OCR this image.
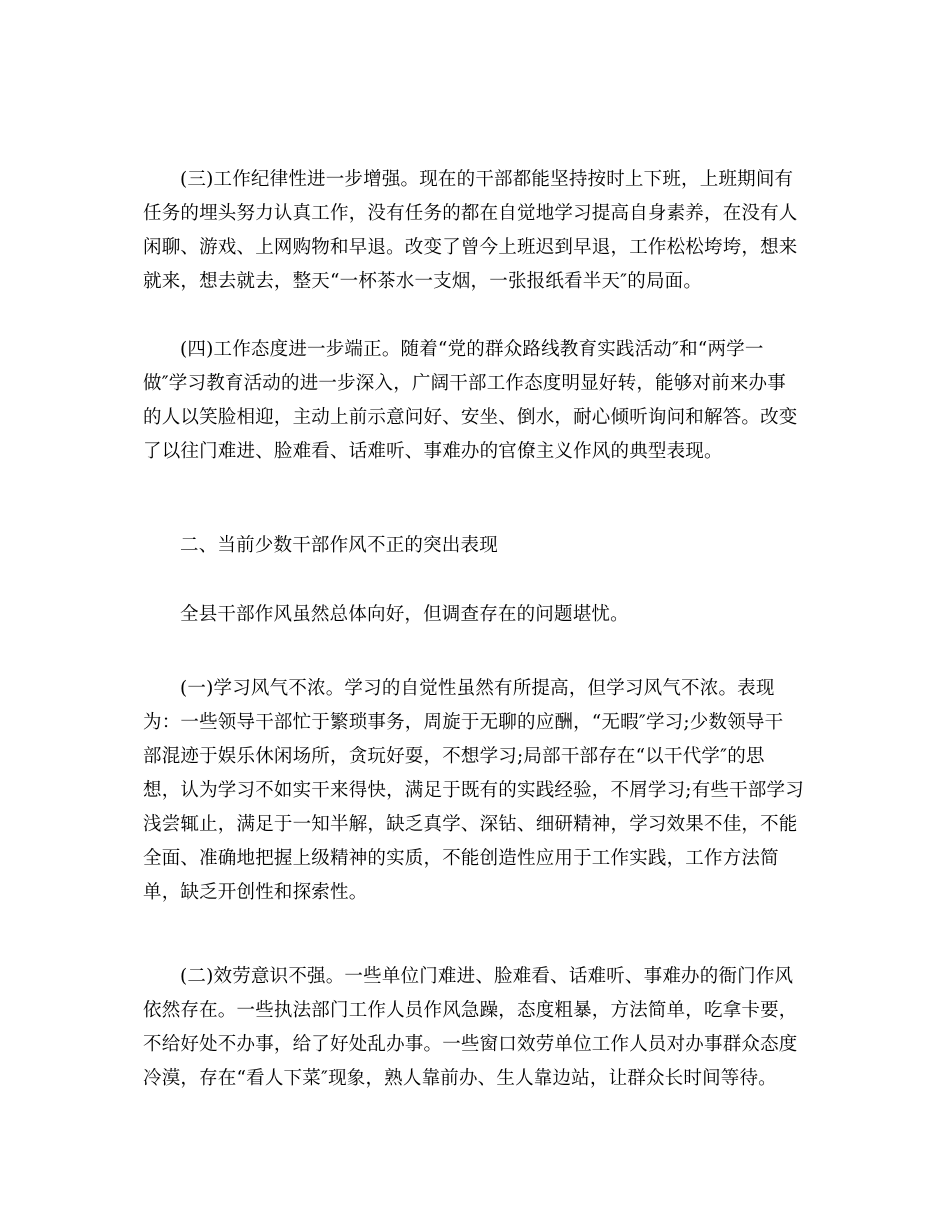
(三)工作纪律性进一步增强。现在的干部都能坚持按时上下班，上班期间有
任务的埋头努力认真工作，没有任务的都在自觉地学习提高自身素养，在没有人
闲聊、游戏、上网购物和早退。改变了曾今上班迟到早退，工作松松垮垮，想来
就来，想去就去，整天“一杯茶水一支烟，一张报纸看半天″的局面。
(四)工作态度进一步端正。随着“党的群众路线教育实践活动″和“两学一
做″学习教育活动的进一步深入，广阔干部工作态度明显好转，能够对前来办事
的人以笑脸相迎，主动上前示意问好、安坐、倒水，耐心倾听询问和解答。改变
了以往门难进、脸难看、话难听、事难办的官僚主义作风的典型表现。
二、当前少数干部作风不正的突出表现
全县干部作风虽然总体向好，但调查存在的问题堪忧。
(一)学习风气不浓。学习的自觉性虽然有所提高，但学习风气不浓。表现
为：一些领导干部忙于繁琐事务，周旋于无聊的应酬，“无暇″学习;少数领导干
部混迹于娱乐休闲场所，贪玩好耍，不想学习;局部干部存在“以干代学″的思
想，认为学习不如实干来得快，满足于既有的实践经验，不屑学习;有些干部学习
浅尝辄止，满足于一知半解，缺乏真学、深钻、细研精神，学习效果不佳，不能
全面、准确地把握上级精神的实质，不能创造性应用于工作实践，工作方法简
单，缺乏开创性和探索性。
(二)效劳意识不强。一些单位门难进、脸难看、话难听、事难办的衙门作风
依然存在。一些执法部门工作人员作风急躁，态度粗暴，方法简单，吃拿卡要，
不给好处不办事，给了好处乱办事。一些窗口效劳单位工作人员对办事群众态度
冷漠，存在“看人下菜″现象，熟人靠前办、生人靠边站，让群众长时间等待。
